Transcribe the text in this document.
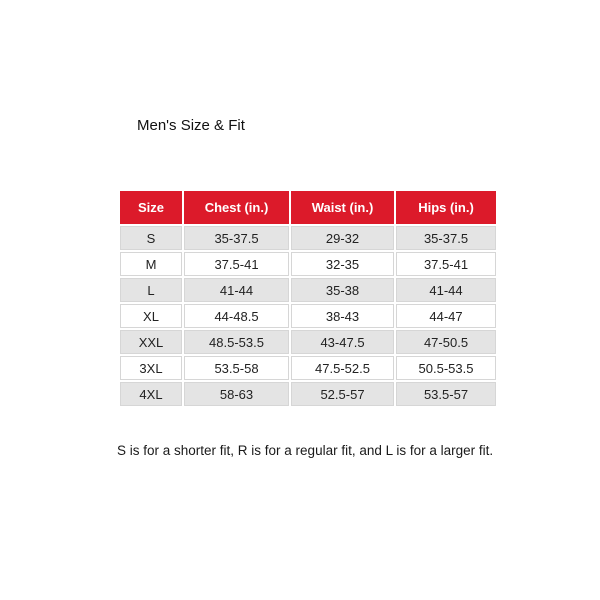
Men's Size & Fit
Size	Chest (in.)	Waist (in.)	Hips (in.)
S	35-37.5	29-32	35-37.5
M	37.5-41	32-35	37.5-41
L	41-44	35-38	41-44
XL	44-48.5	38-43	44-47
XXL	48.5-53.5	43-47.5	47-50.5
3XL	53.5-58	47.5-52.5	50.5-53.5
4XL	58-63	52.5-57	53.5-57
S is for a shorter fit, R is for a regular fit, and L is for a larger fit.
